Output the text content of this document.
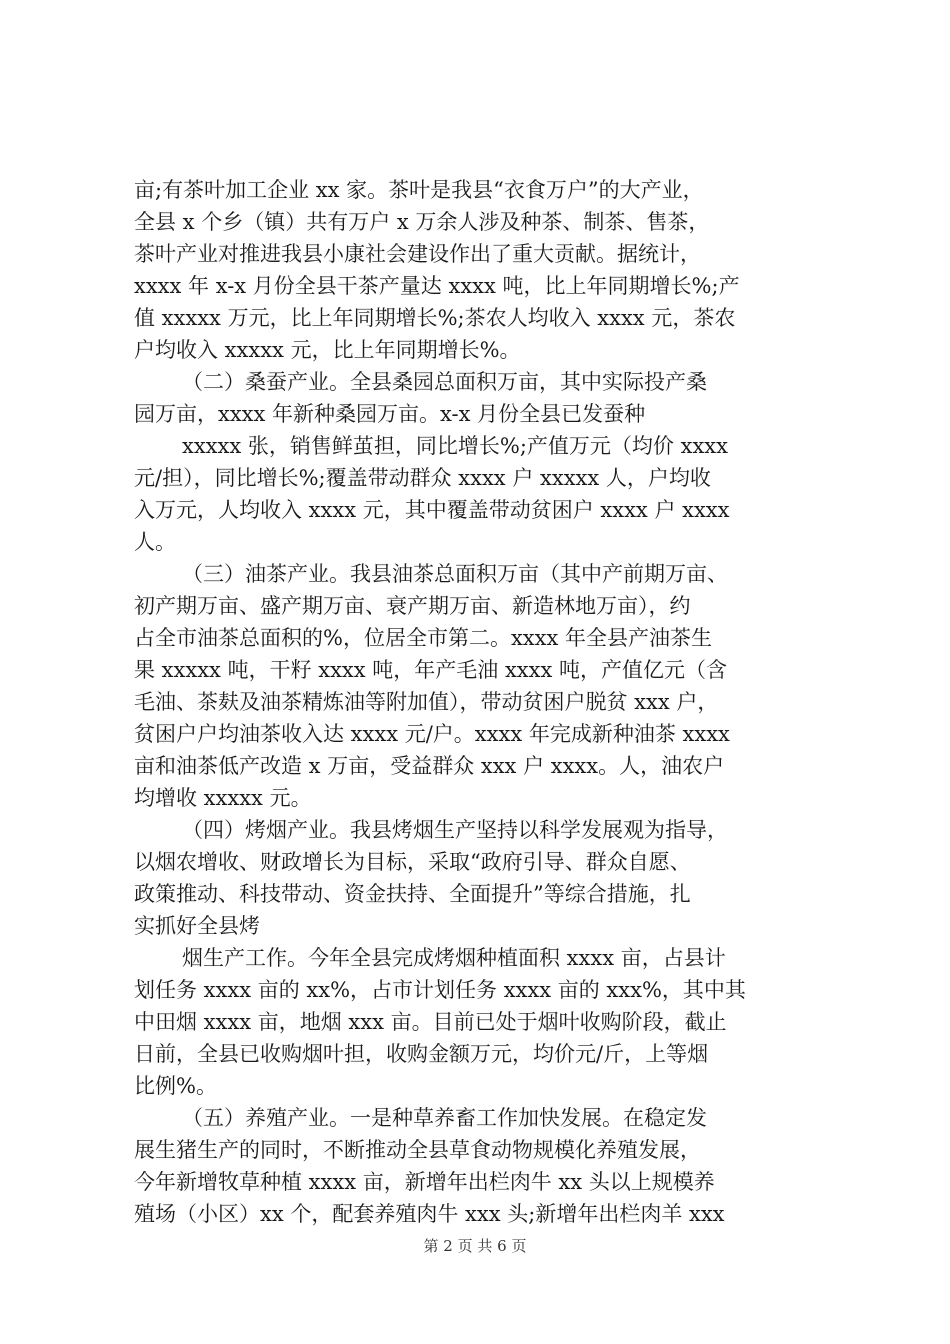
亩;有茶叶加工企业 xx 家。茶叶是我县“衣食万户”的大产业，
全县 x 个乡（镇）共有万户 x 万余人涉及种茶、制茶、售茶，
茶叶产业对推进我县小康社会建设作出了重大贡献。据统计，
xxxx 年 x-x 月份全县干茶产量达 xxxx 吨，比上年同期增长%;产
值 xxxxx 万元，比上年同期增长%;茶农人均收入 xxxx 元，茶农
户均收入 xxxxx 元，比上年同期增长%。
（二）桑蚕产业。全县桑园总面积万亩，其中实际投产桑
园万亩，xxxx 年新种桑园万亩。x-x 月份全县已发蚕种
xxxxx 张，销售鲜茧担，同比增长%;产值万元（均价 xxxx
元/担），同比增长%;覆盖带动群众 xxxx 户 xxxxx 人，户均收
入万元，人均收入 xxxx 元，其中覆盖带动贫困户 xxxx 户 xxxx
人。
（三）油茶产业。我县油茶总面积万亩（其中产前期万亩、
初产期万亩、盛产期万亩、衰产期万亩、新造林地万亩），约
占全市油茶总面积的%，位居全市第二。xxxx 年全县产油茶生
果 xxxxx 吨，干籽 xxxx 吨，年产毛油 xxxx 吨，产值亿元（含
毛油、茶麸及油茶精炼油等附加值），带动贫困户脱贫 xxx 户，
贫困户户均油茶收入达 xxxx 元/户。xxxx 年完成新种油茶 xxxx
亩和油茶低产改造 x 万亩，受益群众 xxx 户 xxxx。人，油农户
均增收 xxxxx 元。
（四）烤烟产业。我县烤烟生产坚持以科学发展观为指导，
以烟农增收、财政增长为目标，采取“政府引导、群众自愿、
政策推动、科技带动、资金扶持、全面提升”等综合措施，扎
实抓好全县烤
烟生产工作。今年全县完成烤烟种植面积 xxxx 亩，占县计
划任务 xxxx 亩的 xx%，占市计划任务 xxxx 亩的 xxx%，其中其
中田烟 xxxx 亩，地烟 xxx 亩。目前已处于烟叶收购阶段，截止
日前，全县已收购烟叶担，收购金额万元，均价元/斤，上等烟
比例%。
（五）养殖产业。一是种草养畜工作加快发展。在稳定发
展生猪生产的同时，不断推动全县草食动物规模化养殖发展，
今年新增牧草种植 xxxx 亩，新增年出栏肉牛 xx 头以上规模养
殖场（小区）xx 个，配套养殖肉牛 xxx 头;新增年出栏肉羊 xxx
第 2 页 共 6 页
